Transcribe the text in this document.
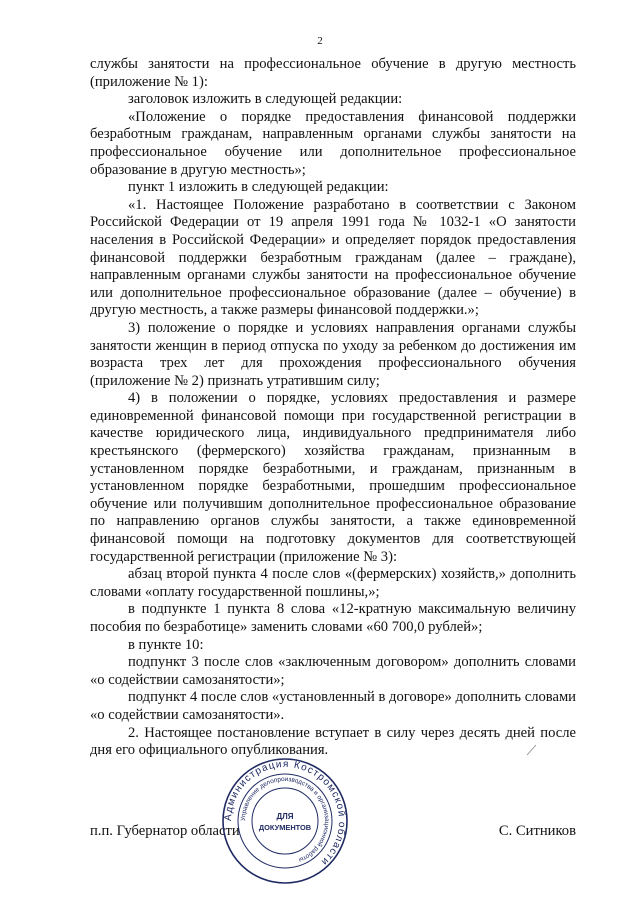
2

службы занятости на профессиональное обучение в другую местность (приложение № 1):

заголовок изложить в следующей редакции:

«Положение о порядке предоставления финансовой поддержки безработным гражданам, направленным органами службы занятости на профессиональное обучение или дополнительное профессиональное образование в другую местность»;

пункт 1 изложить в следующей редакции:

«1. Настоящее Положение разработано в соответствии с Законом Российской Федерации от 19 апреля 1991 года № 1032-1 «О занятости населения в Российской Федерации» и определяет порядок предоставления финансовой поддержки безработным гражданам (далее – граждане), направленным органами службы занятости на профессиональное обучение или дополнительное профессиональное образование (далее – обучение) в другую местность, а также размеры финансовой поддержки.»;

3) положение о порядке и условиях направления органами службы занятости женщин в период отпуска по уходу за ребенком до достижения им возраста трех лет для прохождения профессионального обучения (приложение № 2) признать утратившим силу;

4) в положении о порядке, условиях предоставления и размере единовременной финансовой помощи при государственной регистрации в качестве юридического лица, индивидуального предпринимателя либо крестьянского (фермерского) хозяйства гражданам, признанным в установленном порядке безработными, и гражданам, признанным в установленном порядке безработными, прошедшим профессиональное обучение или получившим дополнительное профессиональное образование по направлению органов службы занятости, а также единовременной финансовой помощи на подготовку документов для соответствующей государственной регистрации (приложение № 3):

абзац второй пункта 4 после слов «(фермерских) хозяйств,» дополнить словами «оплату государственной пошлины,»;

в подпункте 1 пункта 8 слова «12-кратную максимальную величину пособия по безработице» заменить словами «60 700,0 рублей»;

в пункте 10:

подпункт 3 после слов «заключенным договором» дополнить словами «о содействии самозанятости»;

подпункт 4 после слов «установленный в договоре» дополнить словами «о содействии самозанятости».

2. Настоящее постановление вступает в силу через десять дней после дня его официального опубликования.

п.п. Губернатор области	С. Ситников
Администрация Костромской области
Управление делопроизводства и организационной работы
ДЛЯ
ДОКУМЕНТОВ
